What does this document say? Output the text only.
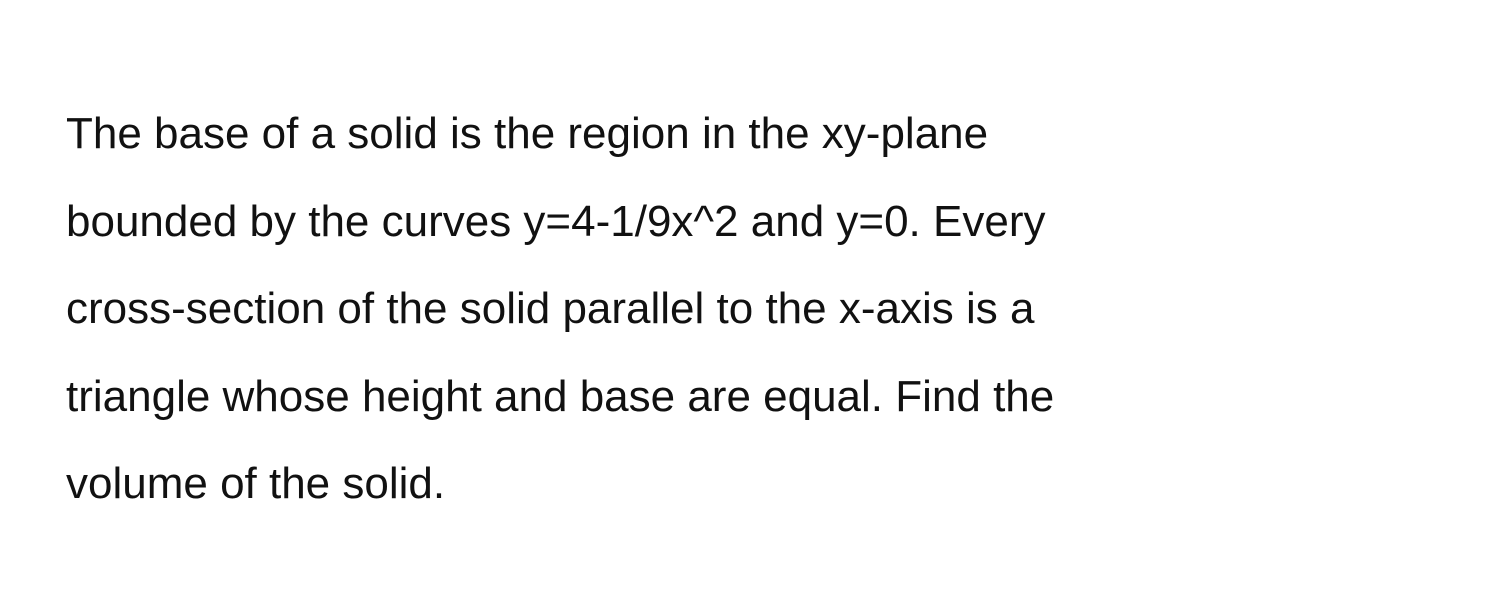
The base of a solid is the region in the xy-plane
bounded by the curves y=4-1/9x^2 and y=0. Every
cross-section of the solid parallel to the x-axis is a
triangle whose height and base are equal. Find the
volume of the solid.
